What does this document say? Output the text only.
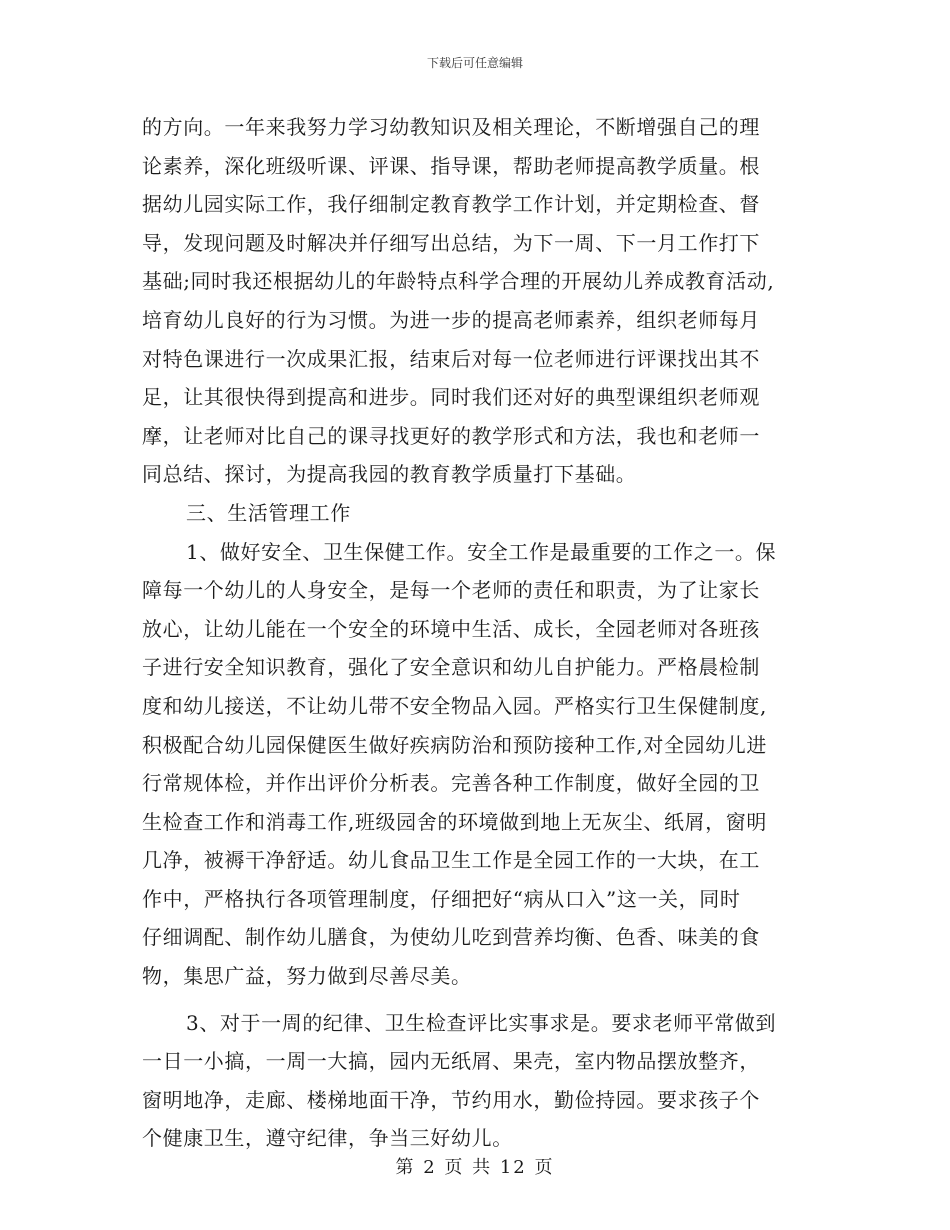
下载后可任意编辑
的方向。一年来我努力学习幼教知识及相关理论，不断增强自己的理
论素养，深化班级听课、评课、指导课，帮助老师提高教学质量。根
据幼儿园实际工作，我仔细制定教育教学工作计划，并定期检查、督
导，发现问题及时解决并仔细写出总结，为下一周、下一月工作打下
基础;同时我还根据幼儿的年龄特点科学合理的开展幼儿养成教育活动,
培育幼儿良好的行为习惯。为进一步的提高老师素养，组织老师每月
对特色课进行一次成果汇报，结束后对每一位老师进行评课找出其不
足，让其很快得到提高和进步。同时我们还对好的典型课组织老师观
摩，让老师对比自己的课寻找更好的教学形式和方法，我也和老师一
同总结、探讨，为提高我园的教育教学质量打下基础。
三、生活管理工作
1、做好安全、卫生保健工作。安全工作是最重要的工作之一。保
障每一个幼儿的人身安全，是每一个老师的责任和职责，为了让家长
放心，让幼儿能在一个安全的环境中生活、成长，全园老师对各班孩
子进行安全知识教育，强化了安全意识和幼儿自护能力。严格晨检制
度和幼儿接送，不让幼儿带不安全物品入园。严格实行卫生保健制度,
积极配合幼儿园保健医生做好疾病防治和预防接种工作,对全园幼儿进
行常规体检，并作出评价分析表。完善各种工作制度，做好全园的卫
生检查工作和消毒工作,班级园舍的环境做到地上无灰尘、纸屑，窗明
几净，被褥干净舒适。幼儿食品卫生工作是全园工作的一大块，在工
作中，严格执行各项管理制度，仔细把好“病从口入”这一关，同时
仔细调配、制作幼儿膳食，为使幼儿吃到营养均衡、色香、味美的食
物，集思广益，努力做到尽善尽美。
3、对于一周的纪律、卫生检查评比实事求是。要求老师平常做到
一日一小搞，一周一大搞，园内无纸屑、果壳，室内物品摆放整齐，
窗明地净，走廊、楼梯地面干净，节约用水，勤俭持园。要求孩子个
个健康卫生，遵守纪律，争当三好幼儿。
第 2 页 共 12 页
